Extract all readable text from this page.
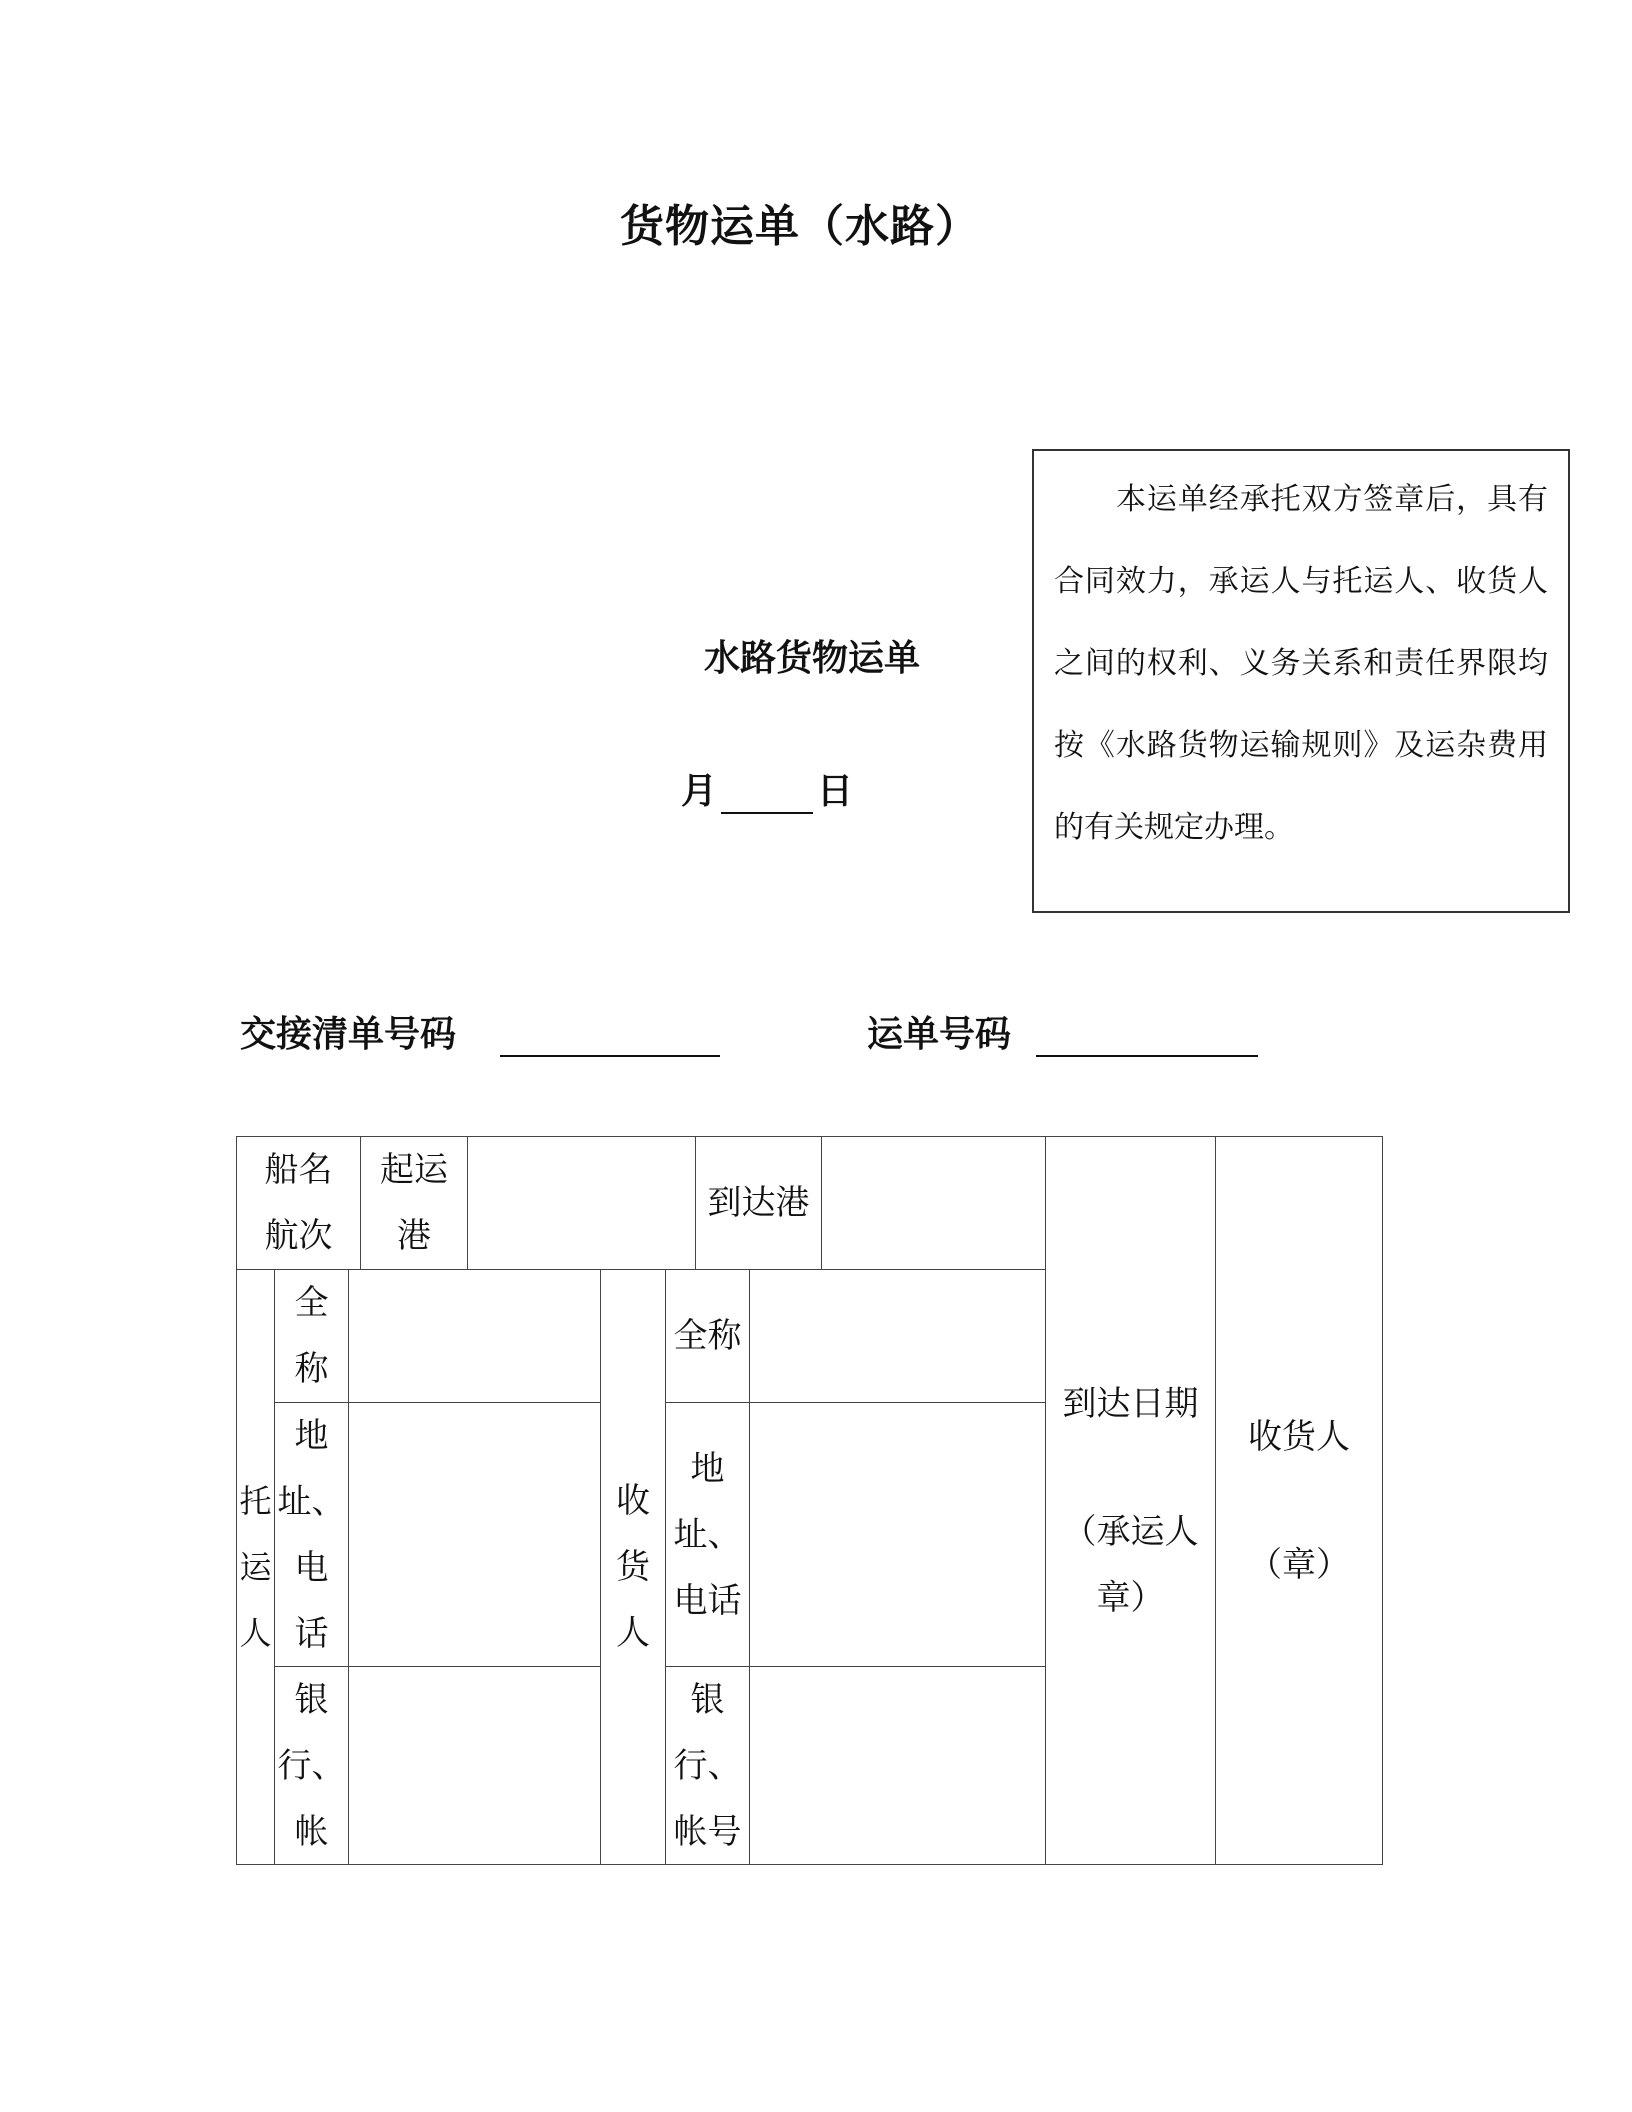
货物运单（水路）
本运单经承托双方签章后，具有合同效力，承运人与托运人、收货人之间的权利、义务关系和责任界限均按《水路货物运输规则》及运杂费用的有关规定办理。
水路货物运单
月	日
交接清单号码	运单号码
船名
航次
起运
港
到达港
托
运
人
全
称
地
址、
电
话
银
行、
帐
收
货
人
全称
地
址、
电话
银
行、
帐号
到达日期
（承运人
章）
收货人
（章）
